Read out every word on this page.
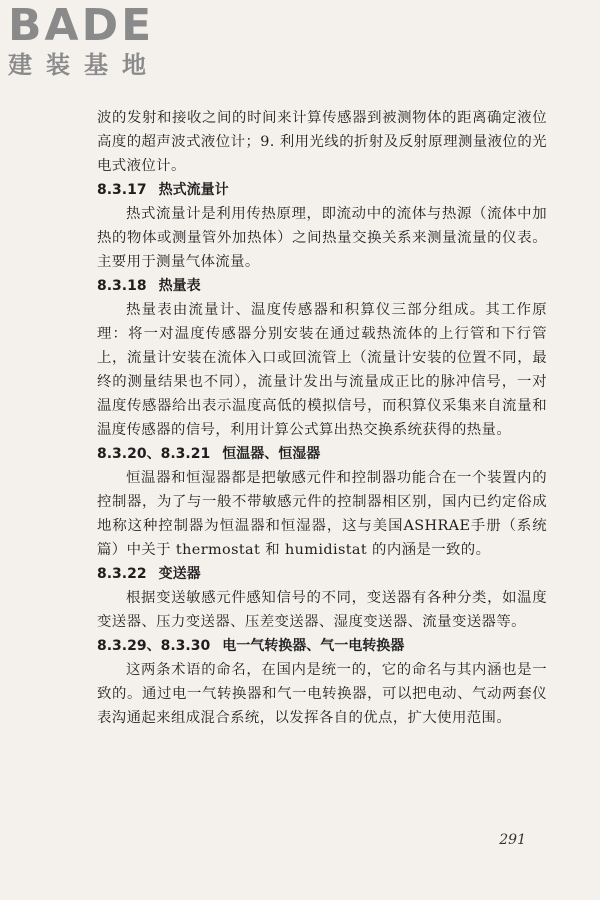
BADE
建装基地

波的发射和接收之间的时间来计算传感器到被测物体的距离确定液位高度的超声波式液位计；9. 利用光线的折射及反射原理测量液位的光电式液位计。

8.3.17 热式流量计

热式流量计是利用传热原理，即流动中的流体与热源（流体中加热的物体或测量管外加热体）之间热量交换关系来测量流量的仪表。主要用于测量气体流量。

8.3.18 热量表

热量表由流量计、温度传感器和积算仪三部分组成。其工作原理：将一对温度传感器分别安装在通过载热流体的上行管和下行管上，流量计安装在流体入口或回流管上（流量计安装的位置不同，最终的测量结果也不同），流量计发出与流量成正比的脉冲信号，一对温度传感器给出表示温度高低的模拟信号，而积算仪采集来自流量和温度传感器的信号，利用计算公式算出热交换系统获得的热量。

8.3.20、8.3.21 恒温器、恒湿器

恒温器和恒湿器都是把敏感元件和控制器功能合在一个装置内的控制器，为了与一般不带敏感元件的控制器相区别，国内已约定俗成地称这种控制器为恒温器和恒湿器，这与美国ASHRAE手册（系统篇）中关于 thermostat 和 humidistat 的内涵是一致的。

8.3.22 变送器

根据变送敏感元件感知信号的不同，变送器有各种分类，如温度变送器、压力变送器、压差变送器、湿度变送器、流量变送器等。

8.3.29、8.3.30 电一气转换器、气一电转换器

这两条术语的命名，在国内是统一的，它的命名与其内涵也是一致的。通过电一气转换器和气一电转换器，可以把电动、气动两套仪表沟通起来组成混合系统，以发挥各自的优点，扩大使用范围。

291
